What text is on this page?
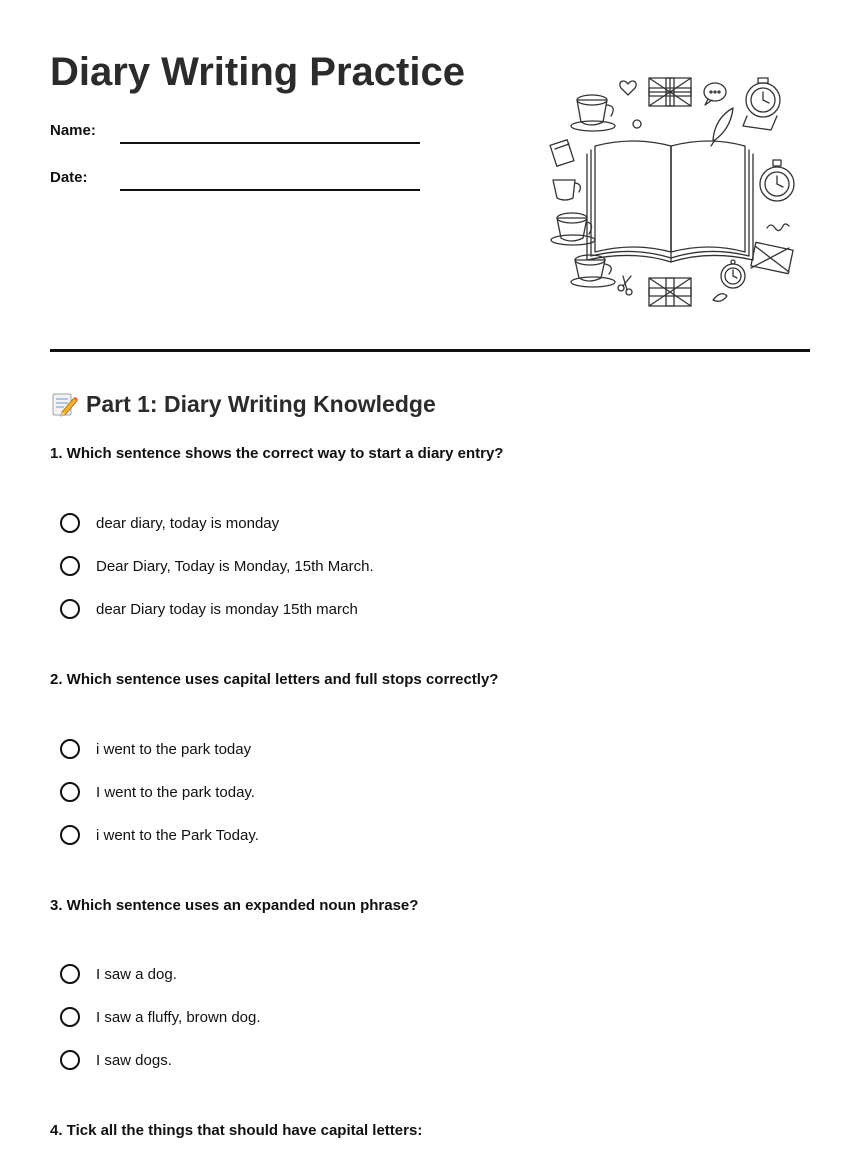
Diary Writing Practice
Name:
Date:
Part 1: Diary Writing Knowledge
1. Which sentence shows the correct way to start a diary entry?
dear diary, today is monday
Dear Diary, Today is Monday, 15th March.
dear Diary today is monday 15th march
2. Which sentence uses capital letters and full stops correctly?
i went to the park today
I went to the park today.
i went to the Park Today.
3. Which sentence uses an expanded noun phrase?
I saw a dog.
I saw a fluffy, brown dog.
I saw dogs.
4. Tick all the things that should have capital letters:
